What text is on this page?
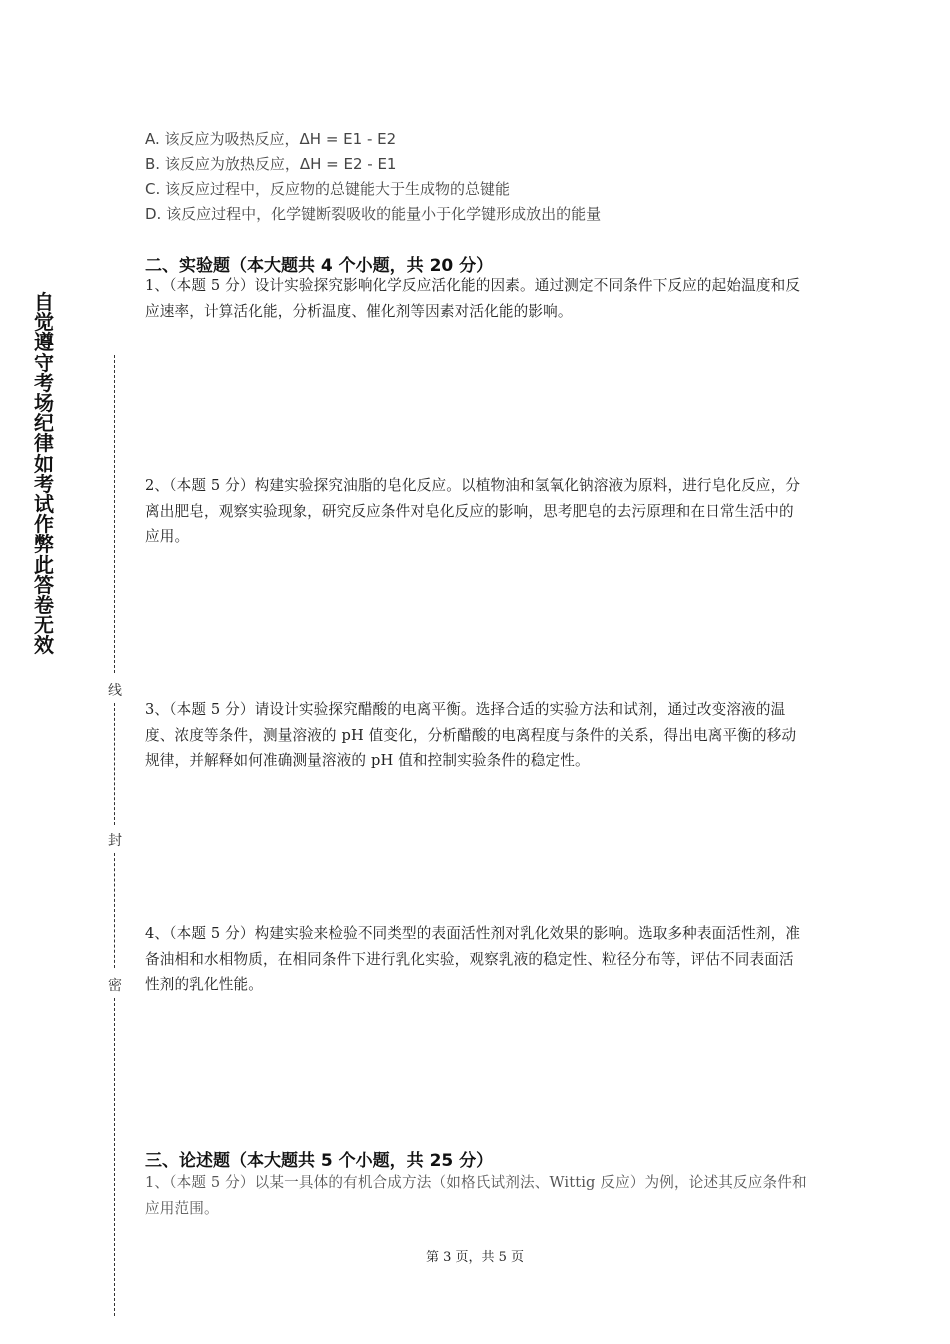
自觉遵守考场纪律如考试作弊此答卷无效
线
封
密
A. 该反应为吸热反应，ΔH = E1 - E2
B. 该反应为放热反应，ΔH = E2 - E1
C. 该反应过程中，反应物的总键能大于生成物的总键能
D. 该反应过程中，化学键断裂吸收的能量小于化学键形成放出的能量
二、实验题（本大题共 4 个小题，共 20 分）
1、（本题 5 分）设计实验探究影响化学反应活化能的因素。通过测定不同条件下反应的起始温度和反应速率，计算活化能，分析温度、催化剂等因素对活化能的影响。
2、（本题 5 分）构建实验探究油脂的皂化反应。以植物油和氢氧化钠溶液为原料，进行皂化反应，分离出肥皂，观察实验现象，研究反应条件对皂化反应的影响，思考肥皂的去污原理和在日常生活中的应用。
3、（本题 5 分）请设计实验探究醋酸的电离平衡。选择合适的实验方法和试剂，通过改变溶液的温度、浓度等条件，测量溶液的 pH 值变化，分析醋酸的电离程度与条件的关系，得出电离平衡的移动规律，并解释如何准确测量溶液的 pH 值和控制实验条件的稳定性。
4、（本题 5 分）构建实验来检验不同类型的表面活性剂对乳化效果的影响。选取多种表面活性剂，准备油相和水相物质，在相同条件下进行乳化实验，观察乳液的稳定性、粒径分布等，评估不同表面活性剂的乳化性能。
三、论述题（本大题共 5 个小题，共 25 分）
1、（本题 5 分）以某一具体的有机合成方法（如格氏试剂法、Wittig 反应）为例，论述其反应条件和应用范围。
第 3 页，共 5 页
